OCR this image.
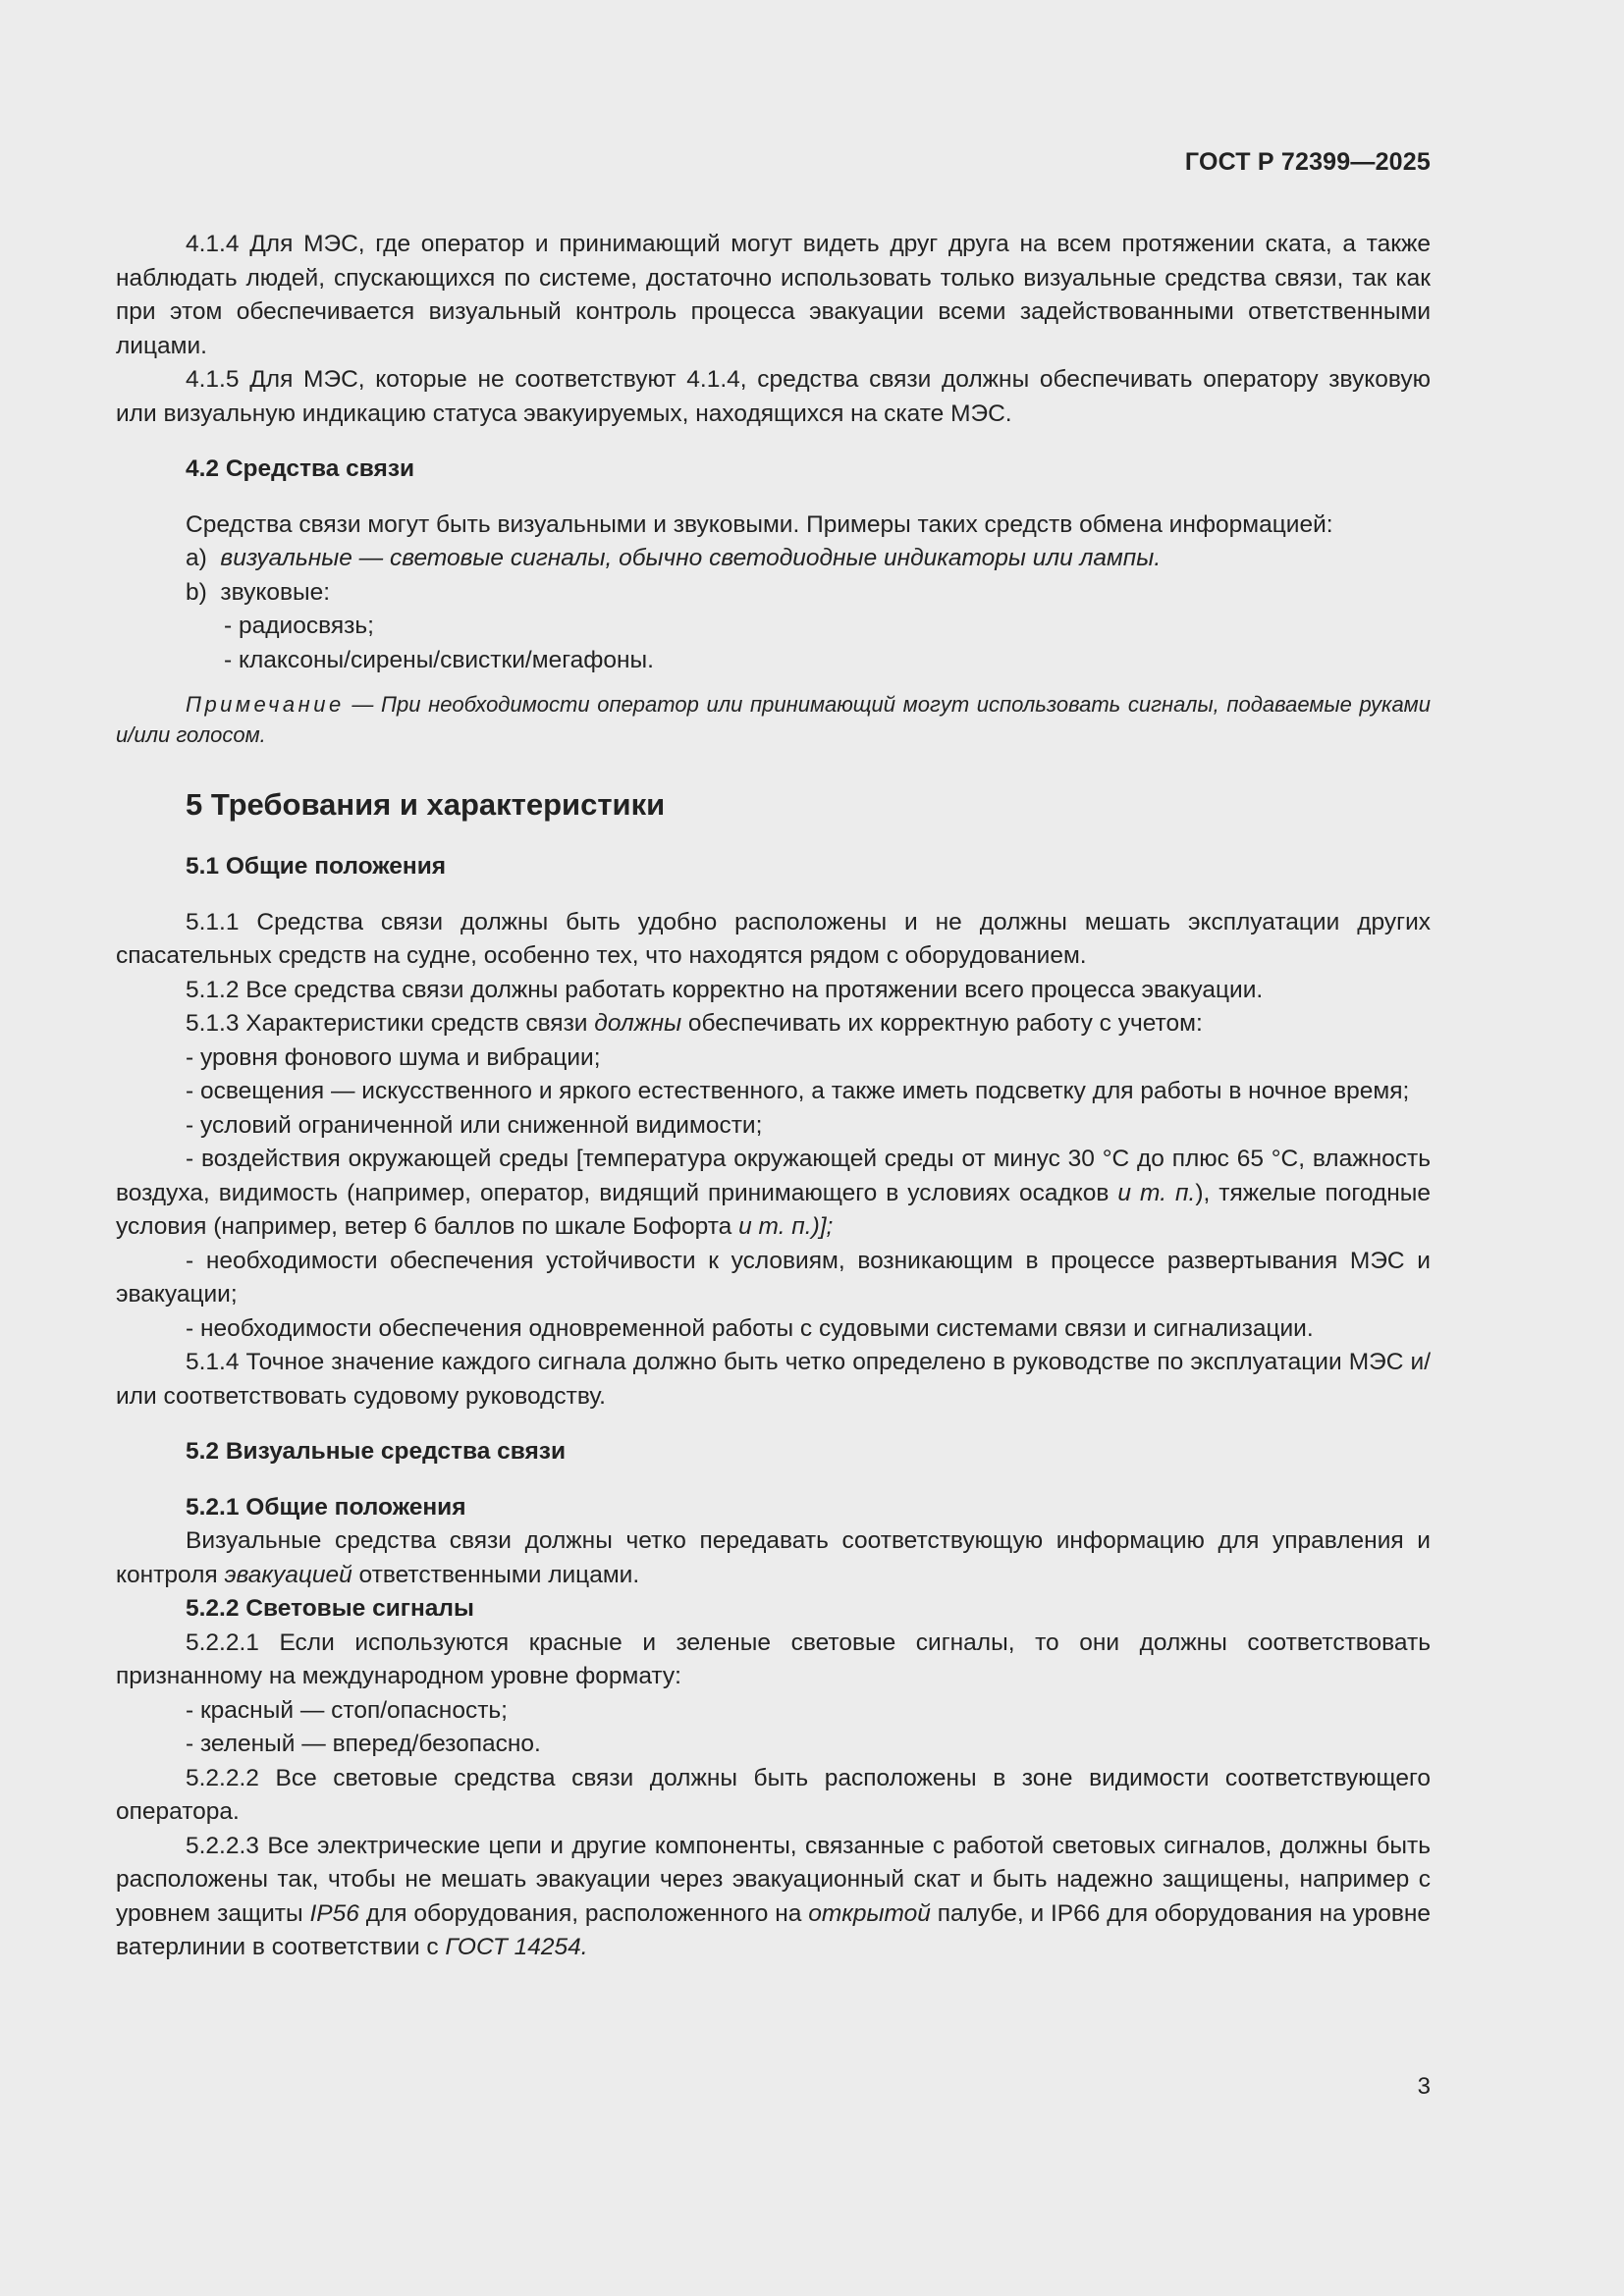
ГОСТ Р 72399—2025

4.1.4 Для МЭС, где оператор и принимающий могут видеть друг друга на всем протяжении ската, а также наблюдать людей, спускающихся по системе, достаточно использовать только визуальные средства связи, так как при этом обеспечивается визуальный контроль процесса эвакуации всеми задействованными ответственными лицами.

4.1.5 Для МЭС, которые не соответствуют 4.1.4, средства связи должны обеспечивать оператору звуковую или визуальную индикацию статуса эвакуируемых, находящихся на скате МЭС.

4.2 Средства связи

Средства связи могут быть визуальными и звуковыми. Примеры таких средств обмена информацией:

a) визуальные — световые сигналы, обычно светодиодные индикаторы или лампы.

b) звуковые:

- радиосвязь;

- клаксоны/сирены/свистки/мегафоны.

Примечание — При необходимости оператор или принимающий могут использовать сигналы, подаваемые руками и/или голосом.

5 Требования и характеристики

5.1 Общие положения

5.1.1 Средства связи должны быть удобно расположены и не должны мешать эксплуатации других спасательных средств на судне, особенно тех, что находятся рядом с оборудованием.

5.1.2 Все средства связи должны работать корректно на протяжении всего процесса эвакуации.

5.1.3 Характеристики средств связи должны обеспечивать их корректную работу с учетом:

- уровня фонового шума и вибрации;

- освещения — искусственного и яркого естественного, а также иметь подсветку для работы в ночное время;

- условий ограниченной или сниженной видимости;

- воздействия окружающей среды [температура окружающей среды от минус 30 °С до плюс 65 °С, влажность воздуха, видимость (например, оператор, видящий принимающего в условиях осадков и т. п.), тяжелые погодные условия (например, ветер 6 баллов по шкале Бофорта и т. п.)];

- необходимости обеспечения устойчивости к условиям, возникающим в процессе развертывания МЭС и эвакуации;

- необходимости обеспечения одновременной работы с судовыми системами связи и сигнализации.

5.1.4 Точное значение каждого сигнала должно быть четко определено в руководстве по эксплуатации МЭС и/или соответствовать судовому руководству.

5.2 Визуальные средства связи

5.2.1 Общие положения

Визуальные средства связи должны четко передавать соответствующую информацию для управления и контроля эвакуацией ответственными лицами.

5.2.2 Световые сигналы

5.2.2.1 Если используются красные и зеленые световые сигналы, то они должны соответствовать признанному на международном уровне формату:

- красный — стоп/опасность;

- зеленый — вперед/безопасно.

5.2.2.2 Все световые средства связи должны быть расположены в зоне видимости соответствующего оператора.

5.2.2.3 Все электрические цепи и другие компоненты, связанные с работой световых сигналов, должны быть расположены так, чтобы не мешать эвакуации через эвакуационный скат и быть надежно защищены, например с уровнем защиты IP56 для оборудования, расположенного на открытой палубе, и IP66 для оборудования на уровне ватерлинии в соответствии с ГОСТ 14254.

3
